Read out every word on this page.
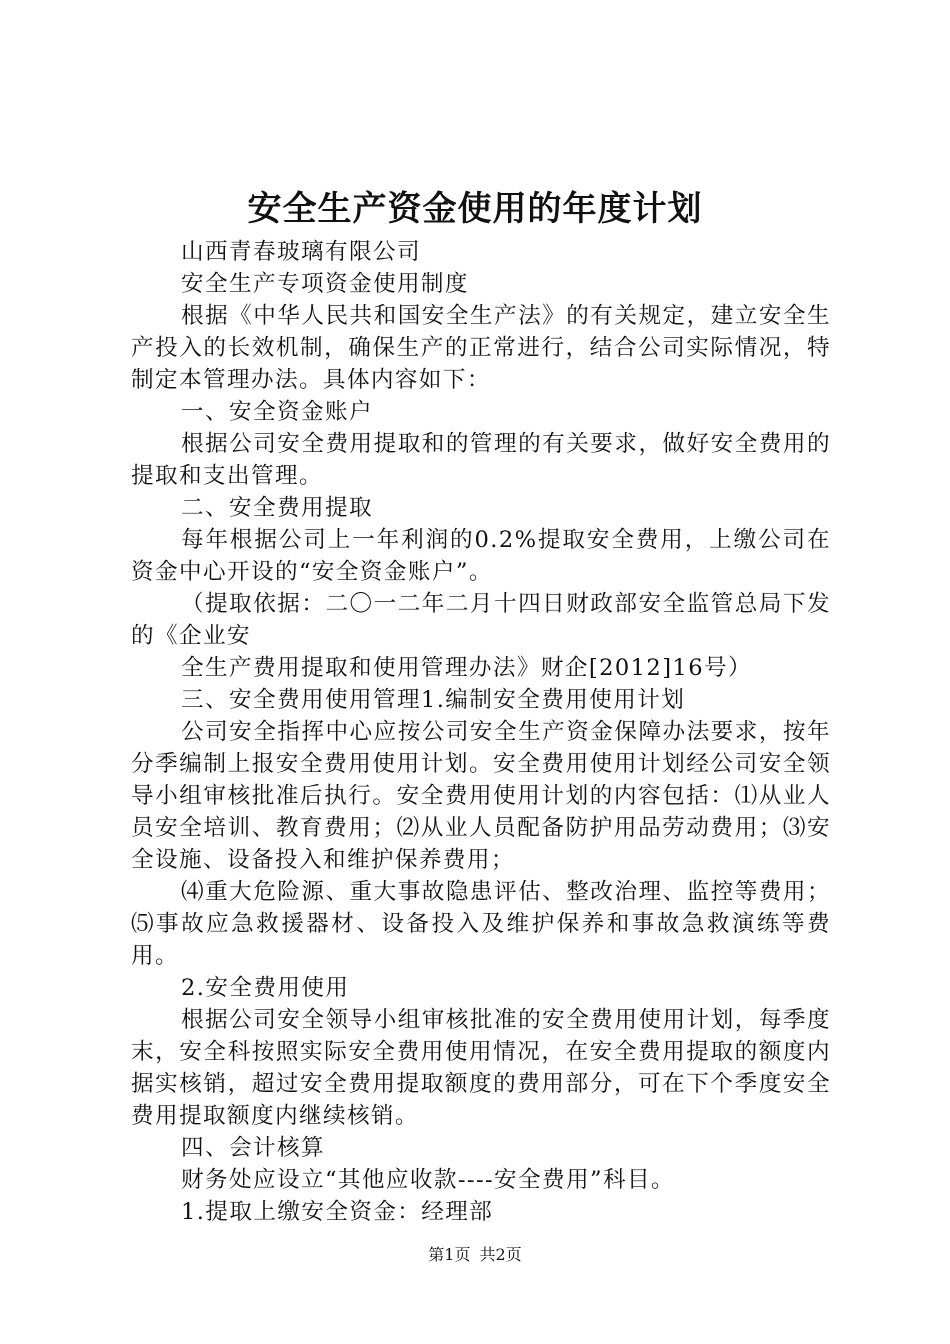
安全生产资金使用的年度计划

山西青春玻璃有限公司

安全生产专项资金使用制度

根据《中华人民共和国安全生产法》的有关规定，建立安全生产投入的长效机制，确保生产的正常进行，结合公司实际情况，特制定本管理办法。具体内容如下：

一、安全资金账户

根据公司安全费用提取和的管理的有关要求，做好安全费用的提取和支出管理。

二、安全费用提取

每年根据公司上一年利润的0.2%提取安全费用，上缴公司在资金中心开设的“安全资金账户”。

（提取依据：二〇一二年二月十四日财政部安全监管总局下发的《企业安

全生产费用提取和使用管理办法》财企[2012]16号）

三、安全费用使用管理1.编制安全费用使用计划

公司安全指挥中心应按公司安全生产资金保障办法要求，按年分季编制上报安全费用使用计划。安全费用使用计划经公司安全领导小组审核批准后执行。安全费用使用计划的内容包括：⑴从业人员安全培训、教育费用；⑵从业人员配备防护用品劳动费用；⑶安全设施、设备投入和维护保养费用；

⑷重大危险源、重大事故隐患评估、整改治理、监控等费用；⑸事故应急救援器材、设备投入及维护保养和事故急救演练等费用。

2.安全费用使用

根据公司安全领导小组审核批准的安全费用使用计划，每季度末，安全科按照实际安全费用使用情况，在安全费用提取的额度内据实核销，超过安全费用提取额度的费用部分，可在下个季度安全费用提取额度内继续核销。

四、会计核算

财务处应设立“其他应收款----安全费用”科目。

1.提取上缴安全资金：经理部

第1页 共2页
